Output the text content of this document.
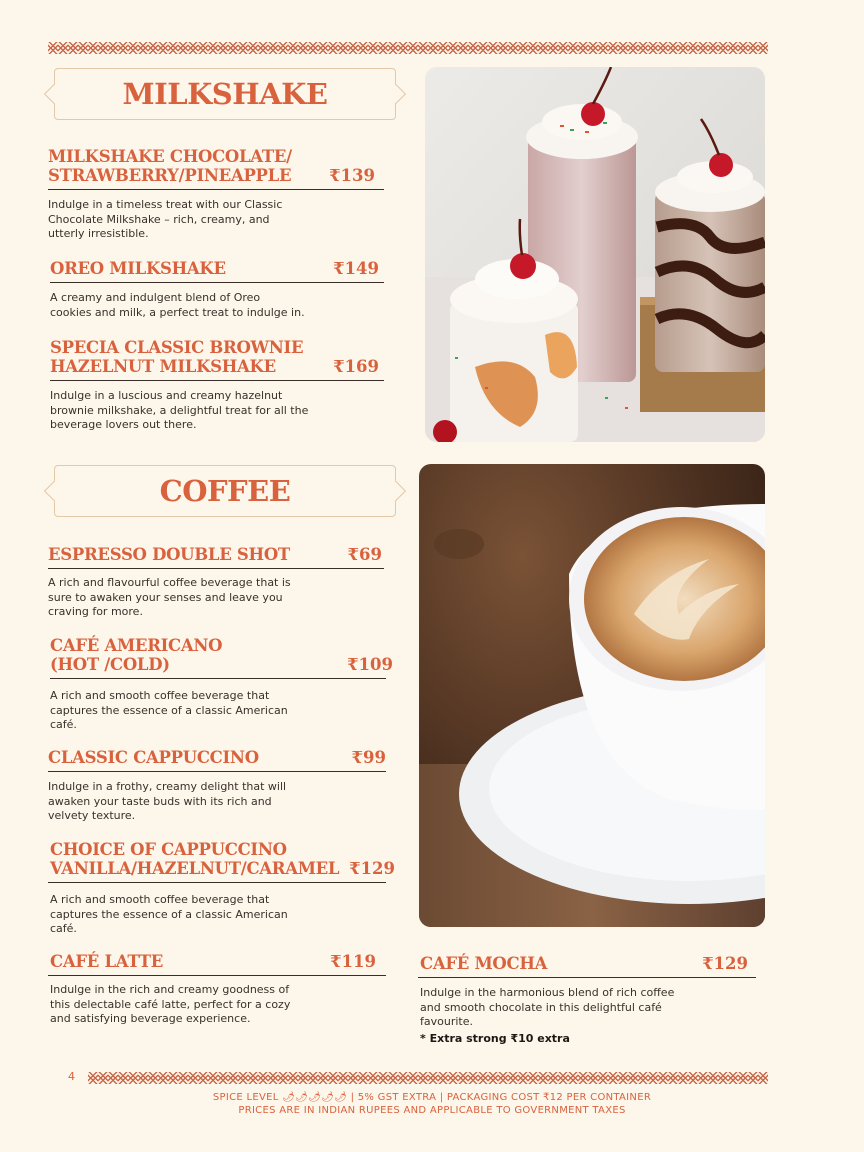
MILKSHAKE
MILKSHAKE CHOCOLATE/
STRAWBERRY/PINEAPPLE ₹139
Indulge in a timeless treat with our Classic
Chocolate Milkshake – rich, creamy, and
utterly irresistible.
OREO MILKSHAKE	₹149
A creamy and indulgent blend of Oreo
cookies and milk, a perfect treat to indulge in.
SPECIA CLASSIC BROWNIE
HAZELNUT MILKSHAKE	₹169
Indulge in a luscious and creamy hazelnut
brownie milkshake, a delightful treat for all the
beverage lovers out there.
COFFEE
ESPRESSO DOUBLE SHOT	₹69
A rich and flavourful coffee beverage that is
sure to awaken your senses and leave you
craving for more.
CAFÉ AMERICANO
(HOT /COLD)	₹109
A rich and smooth coffee beverage that
captures the essence of a classic American
café.
CLASSIC CAPPUCCINO	₹99
Indulge in a frothy, creamy delight that will
awaken your taste buds with its rich and
velvety texture.
CHOICE OF CAPPUCCINO
VANILLA/HAZELNUT/CARAMEL ₹129
A rich and smooth coffee beverage that
captures the essence of a classic American
café.
CAFÉ LATTE	₹119
Indulge in the rich and creamy goodness of
this delectable café latte, perfect for a cozy
and satisfying beverage experience.
CAFÉ MOCHA	₹129
Indulge in the harmonious blend of rich coffee
and smooth chocolate in this delightful café
favourite.
* Extra strong ₹10 extra
4
SPICE LEVEL 🌶🌶🌶🌶🌶 | 5% GST EXTRA | PACKAGING COST ₹12 PER CONTAINER
PRICES ARE IN INDIAN RUPEES AND APPLICABLE TO GOVERNMENT TAXES
